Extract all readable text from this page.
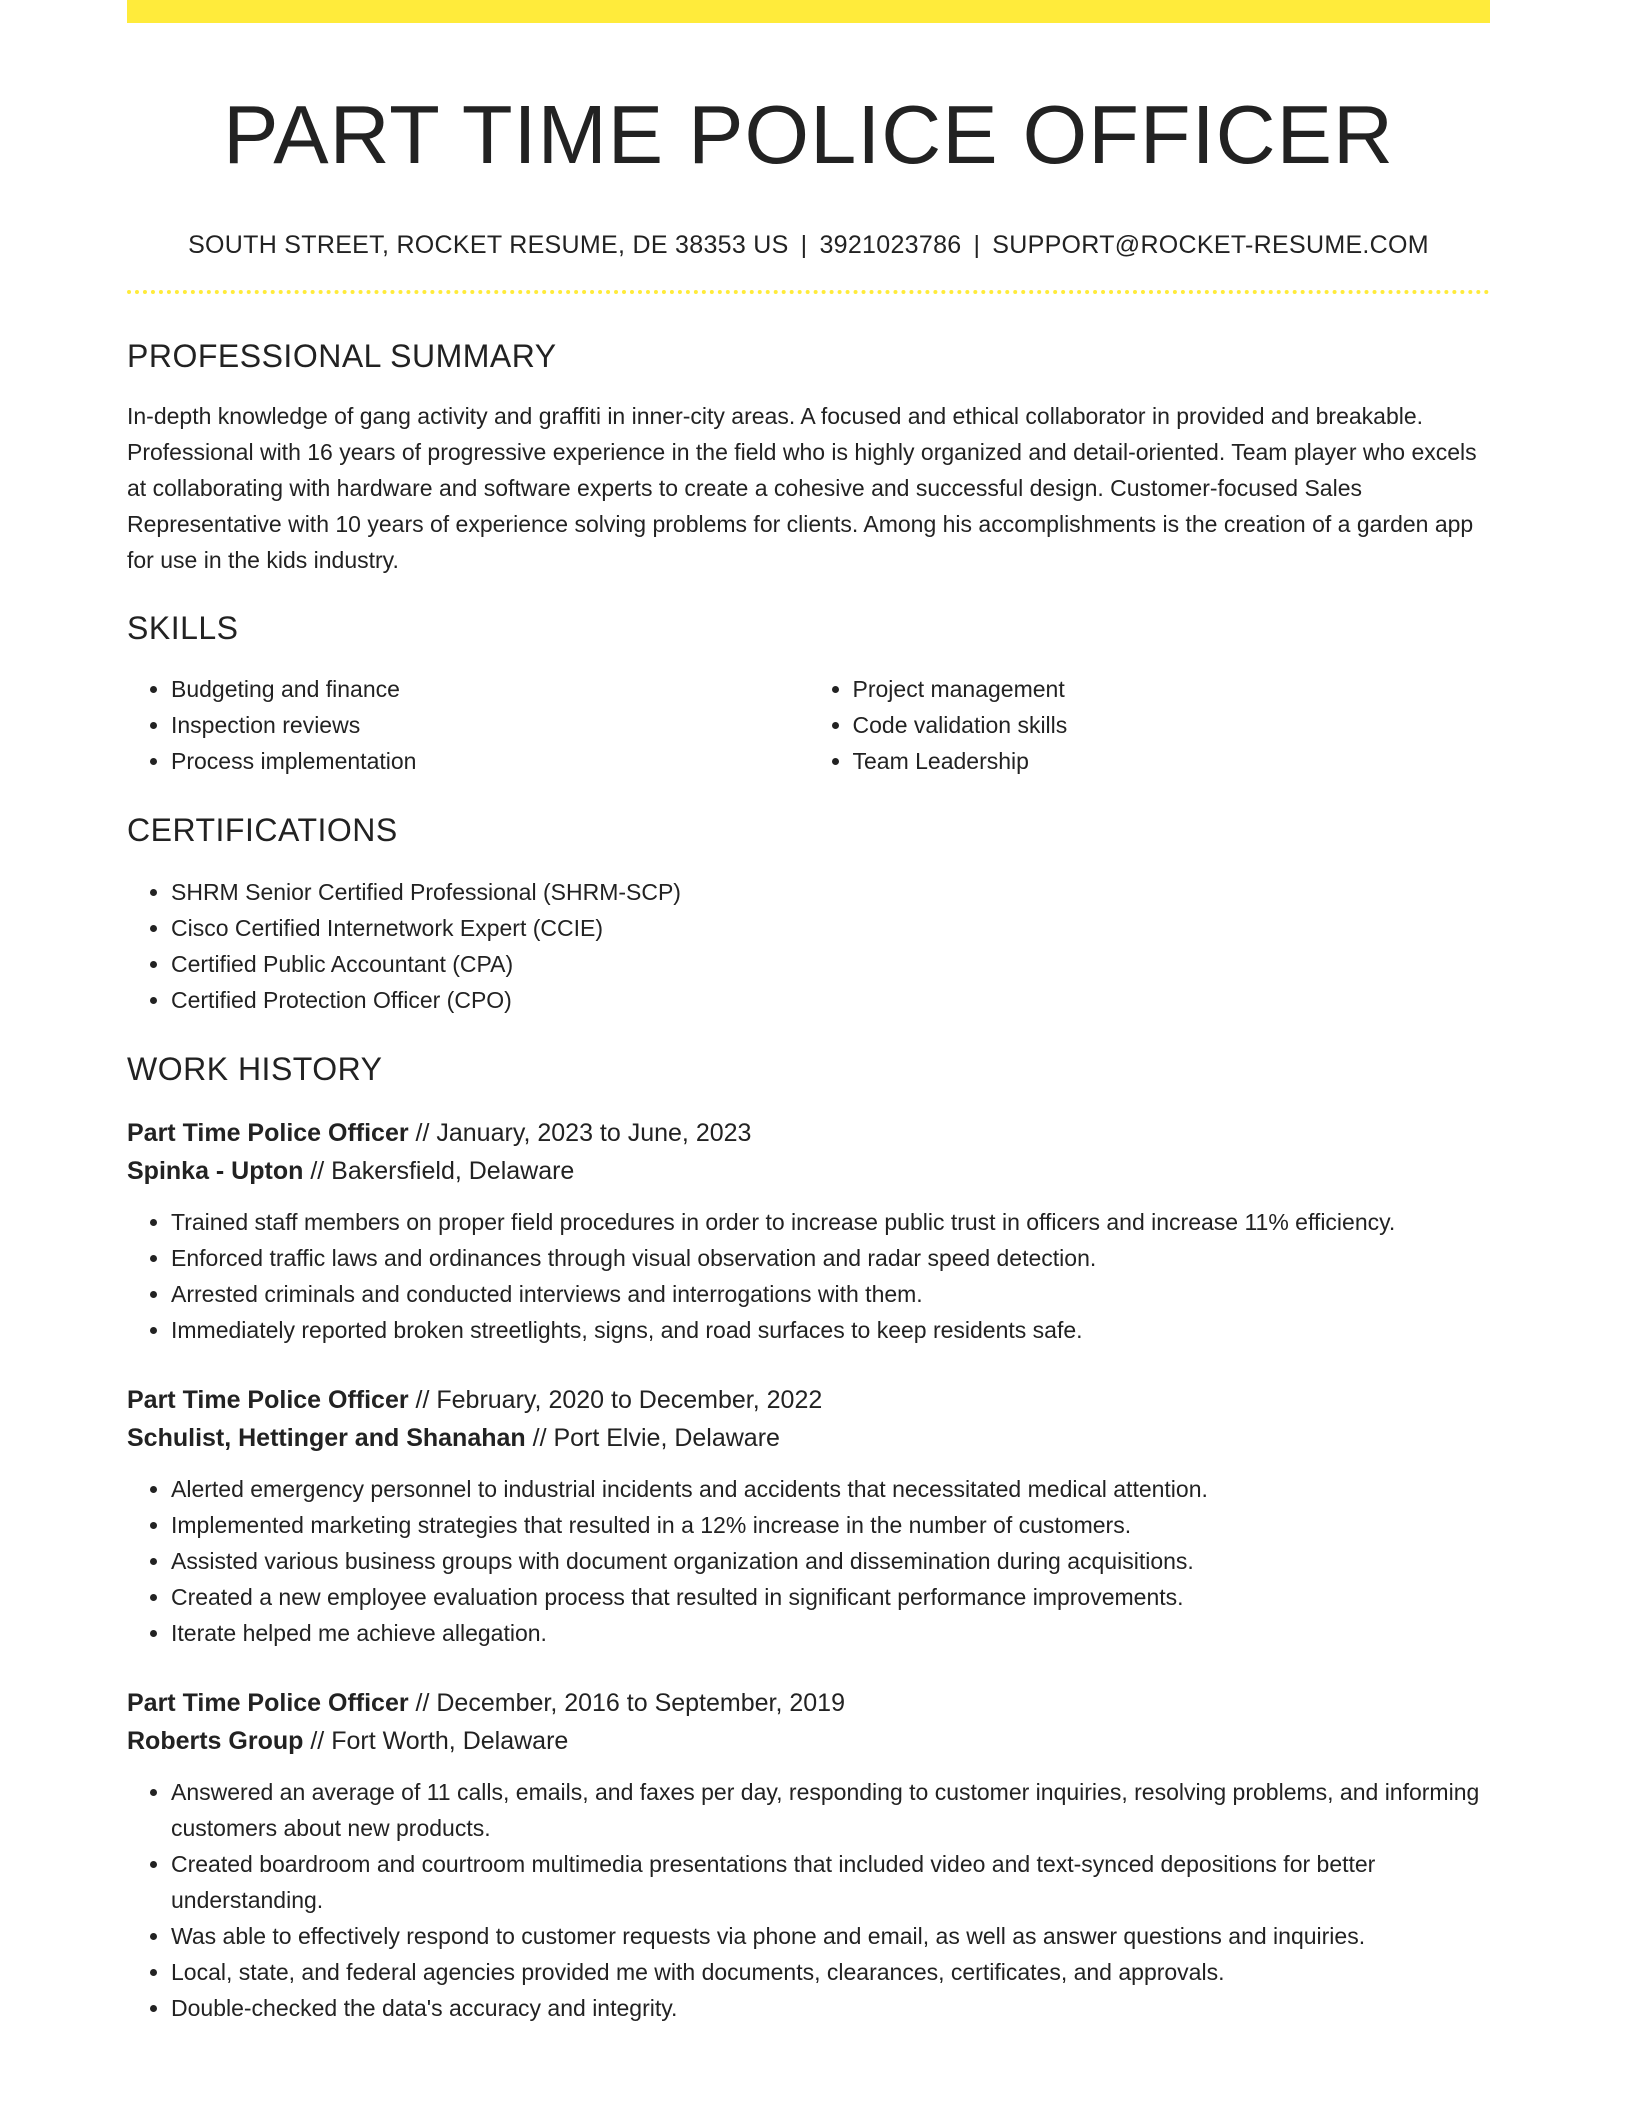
PART TIME POLICE OFFICER
SOUTH STREET, ROCKET RESUME, DE 38353 US | 3921023786 | SUPPORT@ROCKET-RESUME.COM
PROFESSIONAL SUMMARY

In-depth knowledge of gang activity and graffiti in inner-city areas. A focused and ethical collaborator in provided and breakable. Professional with 16 years of progressive experience in the field who is highly organized and detail-oriented. Team player who excels at collaborating with hardware and software experts to create a cohesive and successful design. Customer-focused Sales Representative with 10 years of experience solving problems for clients. Among his accomplishments is the creation of a garden app for use in the kids industry.

SKILLS
• Budgeting and finance
• Inspection reviews
• Process implementation
• Project management
• Code validation skills
• Team Leadership
CERTIFICATIONS
• SHRM Senior Certified Professional (SHRM-SCP)
• Cisco Certified Internetwork Expert (CCIE)
• Certified Public Accountant (CPA)
• Certified Protection Officer (CPO)
WORK HISTORY
Part Time Police Officer // January, 2023 to June, 2023
Spinka - Upton // Bakersfield, Delaware
• Trained staff members on proper field procedures in order to increase public trust in officers and increase 11% efficiency.
• Enforced traffic laws and ordinances through visual observation and radar speed detection.
• Arrested criminals and conducted interviews and interrogations with them.
• Immediately reported broken streetlights, signs, and road surfaces to keep residents safe.
Part Time Police Officer // February, 2020 to December, 2022
Schulist, Hettinger and Shanahan // Port Elvie, Delaware
• Alerted emergency personnel to industrial incidents and accidents that necessitated medical attention.
• Implemented marketing strategies that resulted in a 12% increase in the number of customers.
• Assisted various business groups with document organization and dissemination during acquisitions.
• Created a new employee evaluation process that resulted in significant performance improvements.
• Iterate helped me achieve allegation.
Part Time Police Officer // December, 2016 to September, 2019
Roberts Group // Fort Worth, Delaware
• Answered an average of 11 calls, emails, and faxes per day, responding to customer inquiries, resolving problems, and informing customers about new products.
• Created boardroom and courtroom multimedia presentations that included video and text-synced depositions for better understanding.
• Was able to effectively respond to customer requests via phone and email, as well as answer questions and inquiries.
• Local, state, and federal agencies provided me with documents, clearances, certificates, and approvals.
• Double-checked the data's accuracy and integrity.
